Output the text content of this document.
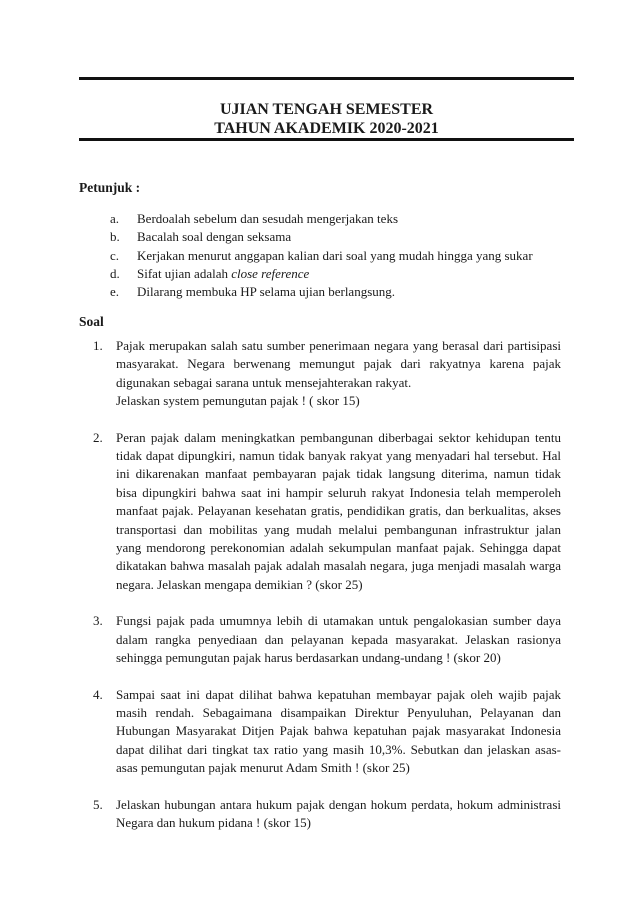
UJIAN TENGAH SEMESTER
TAHUN AKADEMIK 2020-2021
Petunjuk :
a. Berdoalah sebelum dan sesudah mengerjakan teks
b. Bacalah soal dengan seksama
c. Kerjakan menurut anggapan kalian dari soal yang mudah hingga yang sukar
d. Sifat ujian adalah close reference
e. Dilarang membuka HP selama ujian berlangsung.
Soal
1. Pajak merupakan salah satu sumber penerimaan negara yang berasal dari partisipasi masyarakat. Negara berwenang memungut pajak dari rakyatnya karena pajak digunakan sebagai sarana untuk mensejahterakan rakyat.
Jelaskan system pemungutan pajak ! ( skor 15)
2. Peran pajak dalam meningkatkan pembangunan diberbagai sektor kehidupan tentu tidak dapat dipungkiri, namun tidak banyak rakyat yang menyadari hal tersebut. Hal ini dikarenakan manfaat pembayaran pajak tidak langsung diterima, namun tidak bisa dipungkiri bahwa saat ini hampir seluruh rakyat Indonesia telah memperoleh manfaat pajak. Pelayanan kesehatan gratis, pendidikan gratis, dan berkualitas, akses transportasi dan mobilitas yang mudah melalui pembangunan infrastruktur jalan yang mendorong perekonomian adalah sekumpulan manfaat pajak. Sehingga dapat dikatakan bahwa masalah pajak adalah masalah negara, juga menjadi masalah warga negara. Jelaskan mengapa demikian ? (skor 25)
3. Fungsi pajak pada umumnya lebih di utamakan untuk pengalokasian sumber daya dalam rangka penyediaan dan pelayanan kepada masyarakat. Jelaskan rasionya sehingga pemungutan pajak harus berdasarkan undang-undang ! (skor 20)
4. Sampai saat ini dapat dilihat bahwa kepatuhan membayar pajak oleh wajib pajak masih rendah. Sebagaimana disampaikan Direktur Penyuluhan, Pelayanan dan Hubungan Masyarakat Ditjen Pajak bahwa kepatuhan pajak masyarakat Indonesia dapat dilihat dari tingkat tax ratio yang masih 10,3%. Sebutkan dan jelaskan asas-asas pemungutan pajak menurut Adam Smith ! (skor 25)
5. Jelaskan hubungan antara hukum pajak dengan hokum perdata, hokum administrasi Negara dan hukum pidana ! (skor 15)
